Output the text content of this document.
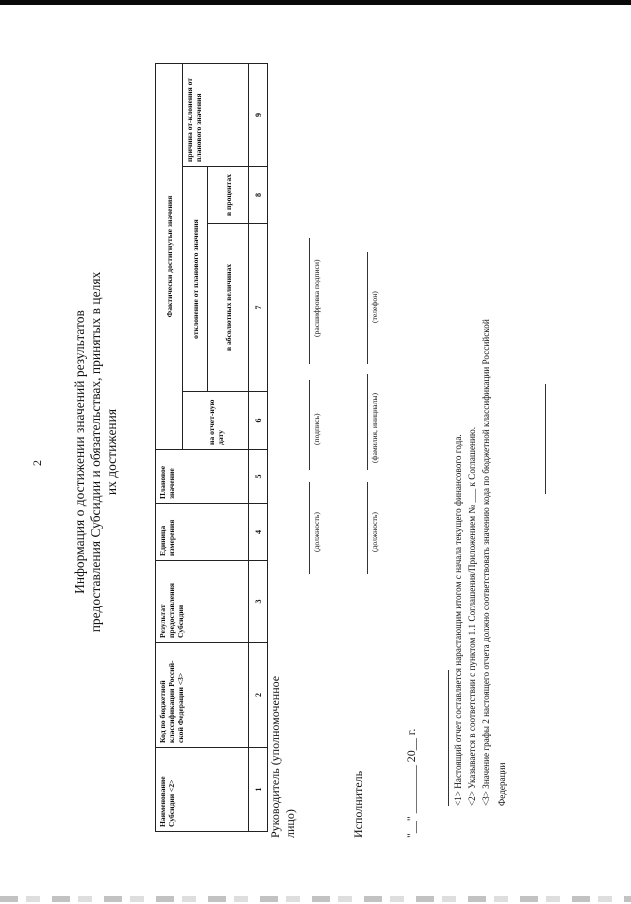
2 Информация о достижении значений результатов предоставления Субсидии и обязательствах, принятых в целях их достижения
Наименование Субсидии <2>	Код по бюджетной классификации Россий-ской Федерации <3>	Результат предоставления Субсидии	Единица измерения	Плановое значение	Фактически достигнутые значения			
					на отчет-ную дату	отклонение от планового значения		причина от-клонения от планового значения
						в абсолютных величинах	в процентах	
1	2	3	4	5	6	7	8	9
Руководитель (уполномоченное лицо)
(должность)
(подпись)
(расшифровка подписи)
Исполнитель
(должность)
(фамилия, инициалы)
(телефон)
"__" ________ 20__ г.	<1> Настоящий отчет составляется нарастающим итогом с начала текущего финансового года. <2> Указывается в соответствии с пунктом 1.1 Соглашения/Приложением № ___ к Соглашению. <3> Значение графы 2 настоящего отчета должно соответствовать значению кода по бюджетной классификации Российской Федерации
